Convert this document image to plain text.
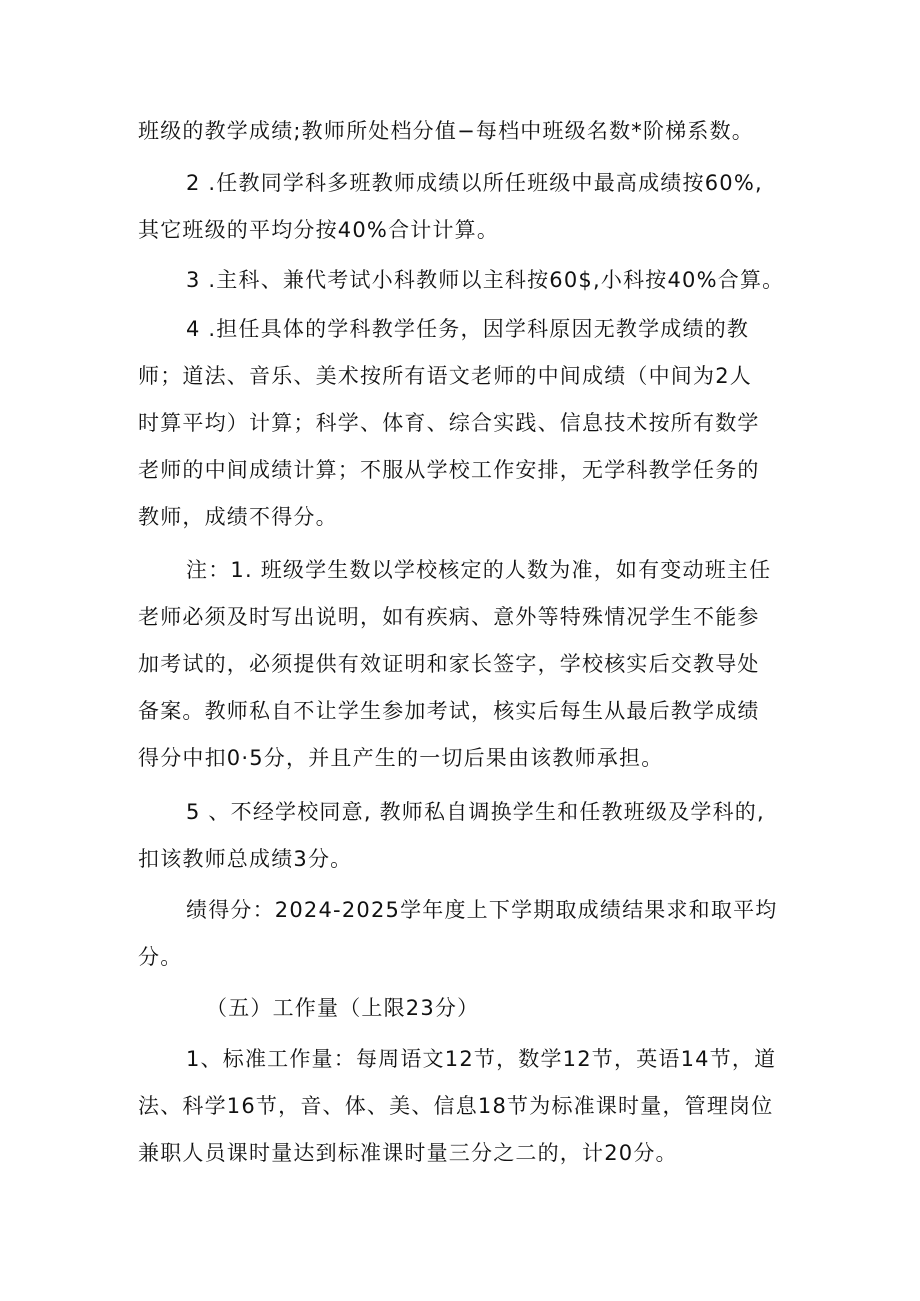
班级的教学成绩;教师所处档分值−每档中班级名数*阶梯系数。
2 .任教同学科多班教师成绩以所任班级中最高成绩按60%,
其它班级的平均分按40%合计计算。
3 .主科、兼代考试小科教师以主科按60$,小科按40%合算。
4 .担任具体的学科教学任务，因学科原因无教学成绩的教
师；道法、音乐、美术按所有语文老师的中间成绩（中间为2人
时算平均）计算；科学、体育、综合实践、信息技术按所有数学
老师的中间成绩计算；不服从学校工作安排，无学科教学任务的
教师，成绩不得分。
注：1. 班级学生数以学校核定的人数为准，如有变动班主任
老师必须及时写出说明，如有疾病、意外等特殊情况学生不能参
加考试的，必须提供有效证明和家长签字，学校核实后交教导处
备案。教师私自不让学生参加考试，核实后每生从最后教学成绩
得分中扣0·5分，并且产生的一切后果由该教师承担。
5 、不经学校同意, 教师私自调换学生和任教班级及学科的,
扣该教师总成绩3分。
绩得分：2024-2025学年度上下学期取成绩结果求和取平均
分。
（五）工作量（上限23分）
1、标准工作量：每周语文12节，数学12节，英语14节，道
法、科学16节，音、体、美、信息18节为标准课时量，管理岗位
兼职人员课时量达到标准课时量三分之二的，计20分。
